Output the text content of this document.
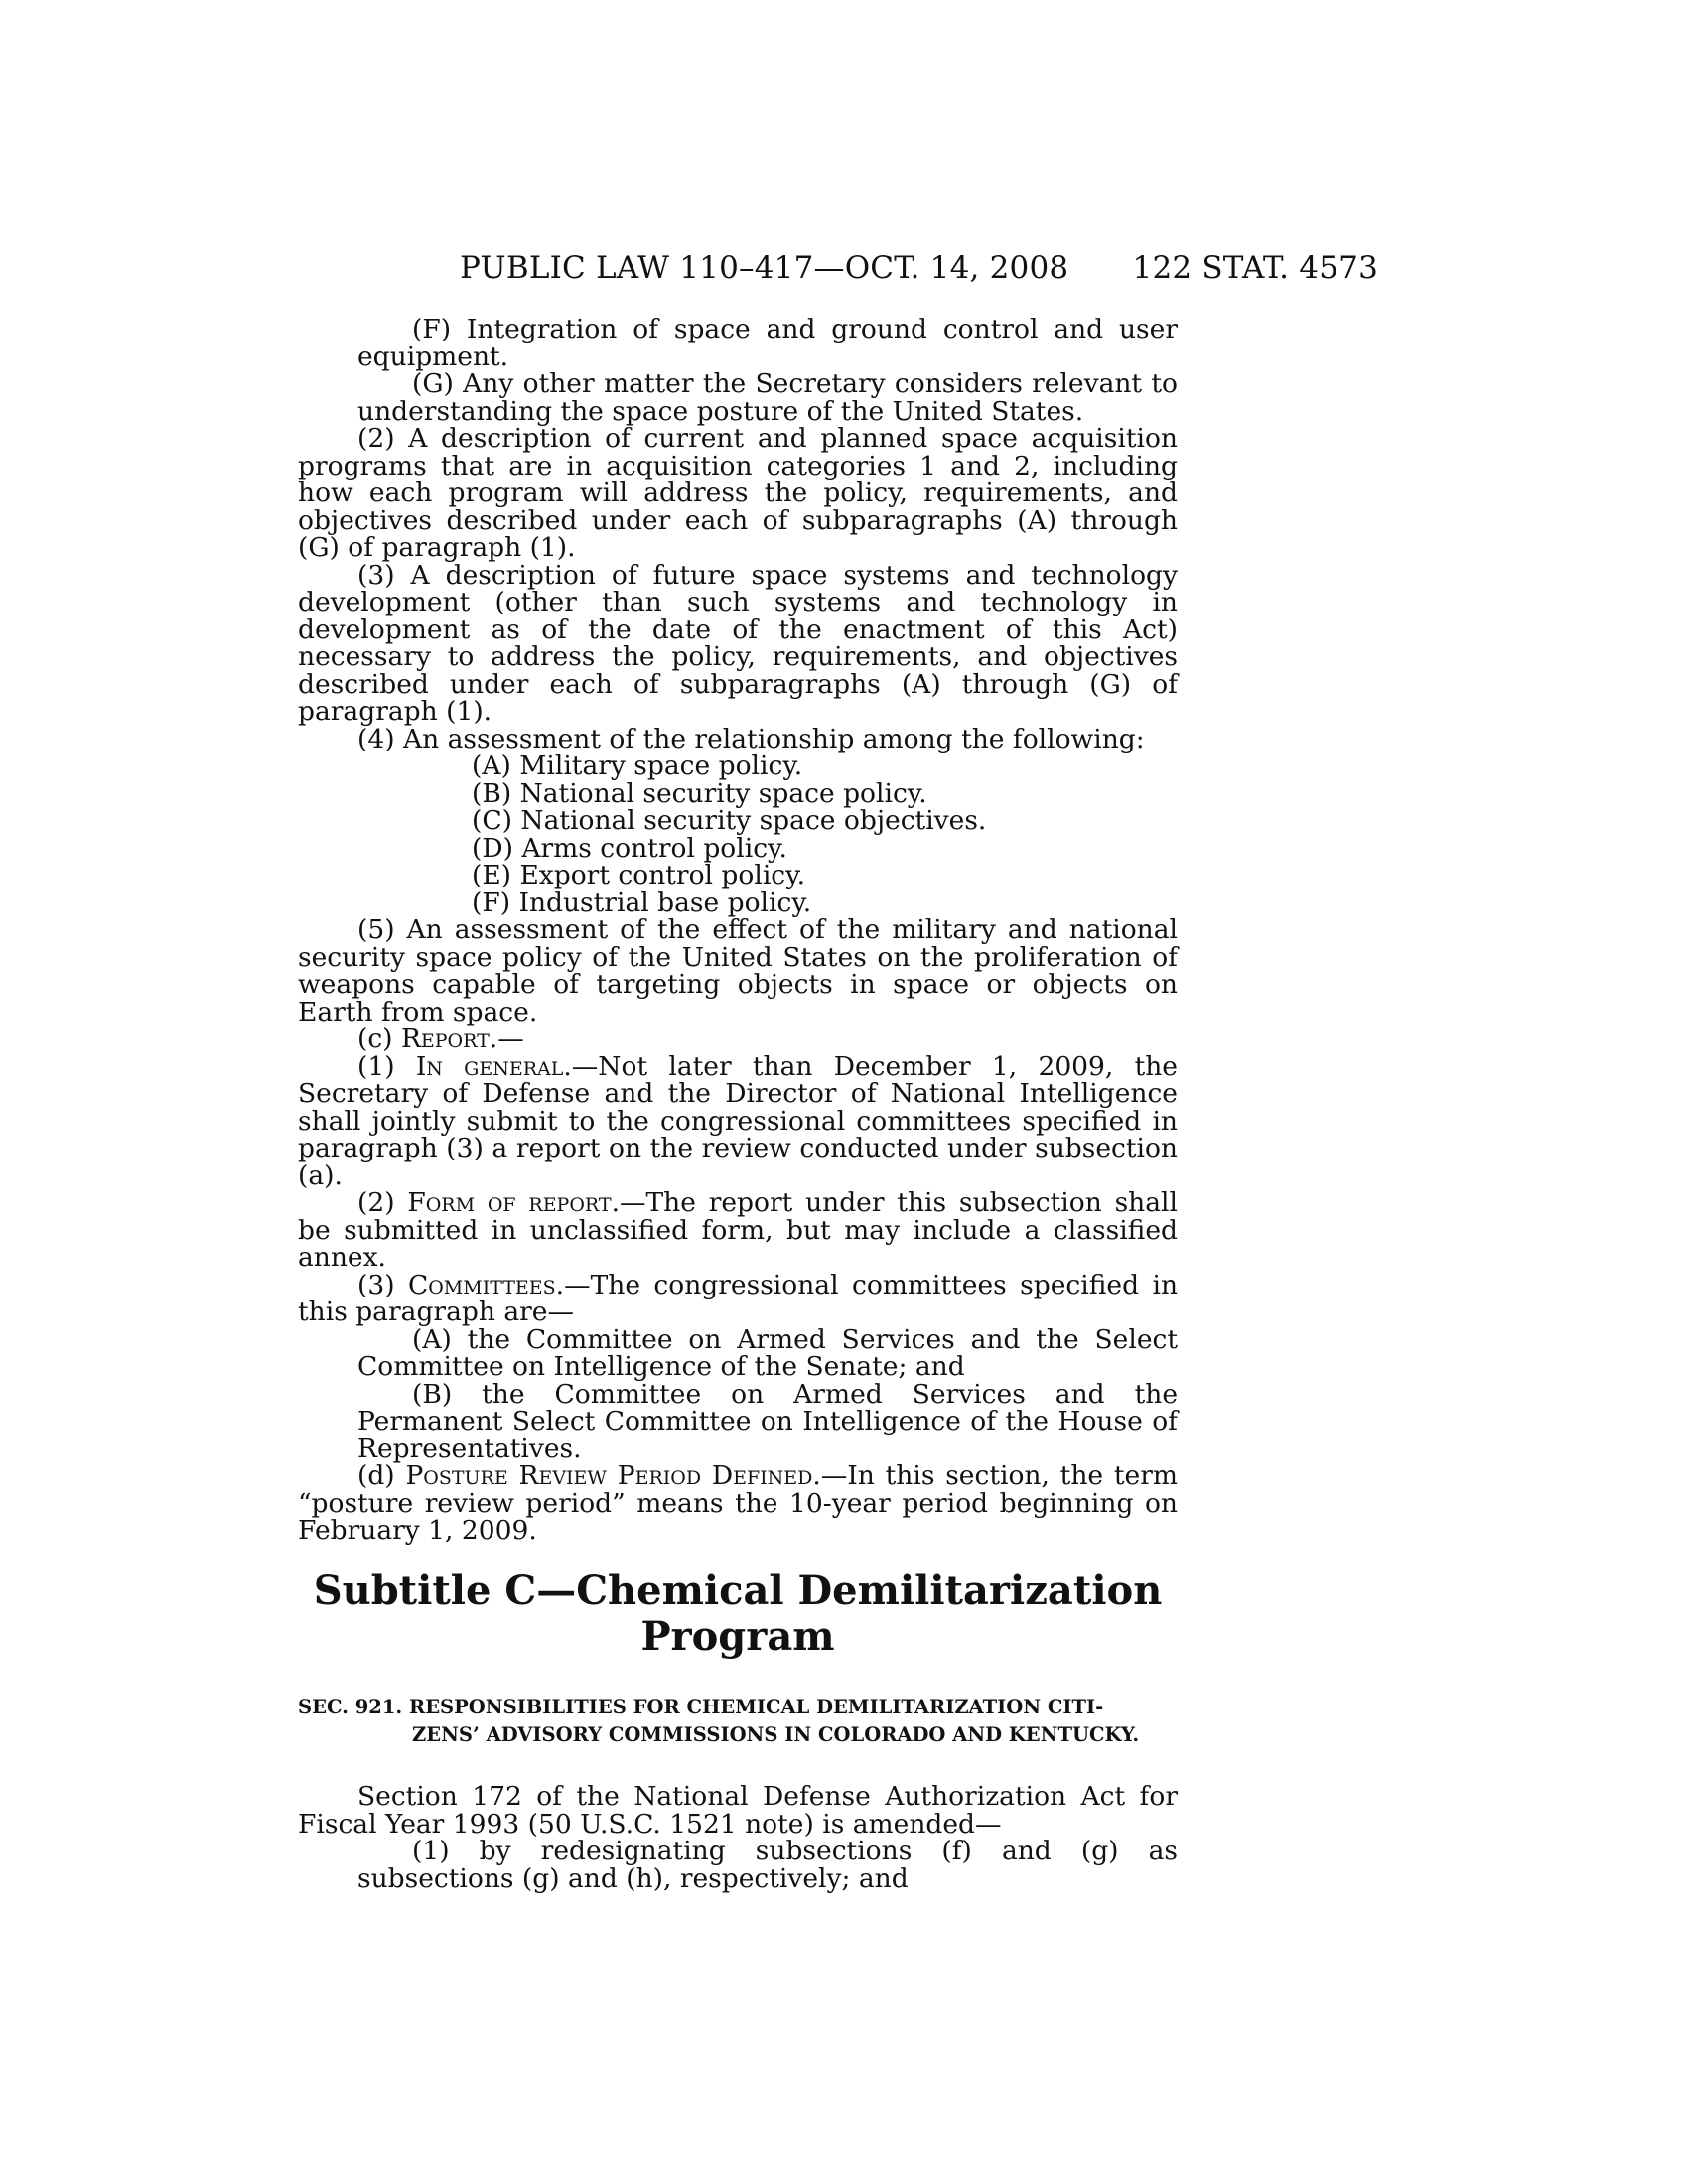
PUBLIC LAW 110–417—OCT. 14, 2008 122 STAT. 4573

(F) Integration of space and ground control and user equipment.

(G) Any other matter the Secretary considers relevant to understanding the space posture of the United States.

(2) A description of current and planned space acquisition programs that are in acquisition categories 1 and 2, including how each program will address the policy, requirements, and objectives described under each of subparagraphs (A) through (G) of paragraph (1).

(3) A description of future space systems and technology development (other than such systems and technology in development as of the date of the enactment of this Act) necessary to address the policy, requirements, and objectives described under each of subparagraphs (A) through (G) of paragraph (1).

(4) An assessment of the relationship among the following:

(A) Military space policy.

(B) National security space policy.

(C) National security space objectives.

(D) Arms control policy.

(E) Export control policy.

(F) Industrial base policy.

(5) An assessment of the effect of the military and national security space policy of the United States on the proliferation of weapons capable of targeting objects in space or objects on Earth from space.

(c) Report.—

(1) In general.—Not later than December 1, 2009, the Secretary of Defense and the Director of National Intelligence shall jointly submit to the congressional committees specified in paragraph (3) a report on the review conducted under subsection (a).

(2) Form of report.—The report under this subsection shall be submitted in unclassified form, but may include a classified annex.

(3) Committees.—The congressional committees specified in this paragraph are—

(A) the Committee on Armed Services and the Select Committee on Intelligence of the Senate; and

(B) the Committee on Armed Services and the Permanent Select Committee on Intelligence of the House of Representatives.

(d) Posture Review Period Defined.—In this section, the term “posture review period” means the 10-year period beginning on February 1, 2009.

Subtitle C—Chemical Demilitarization Program
SEC. 921. RESPONSIBILITIES FOR CHEMICAL DEMILITARIZATION CITI-
ZENS’ ADVISORY COMMISSIONS IN COLORADO AND KENTUCKY.

Section 172 of the National Defense Authorization Act for Fiscal Year 1993 (50 U.S.C. 1521 note) is amended—

(1) by redesignating subsections (f) and (g) as subsections (g) and (h), respectively; and
